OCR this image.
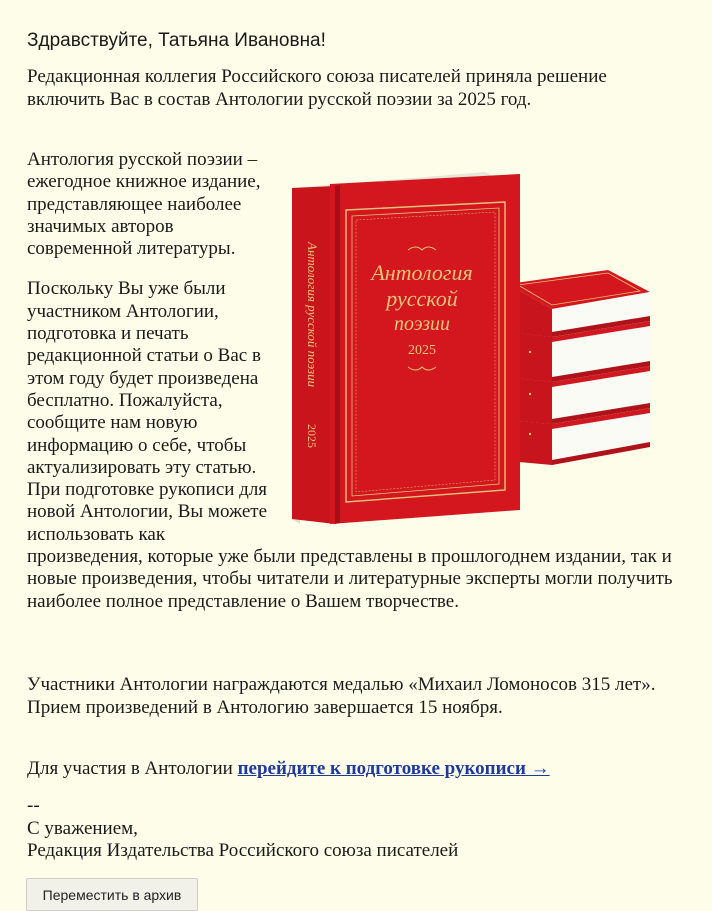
Здравствуйте, Татьяна Ивановна!
Редакционная коллегия Российского союза писателей приняла решение включить Вас в состав Антологии русской поэзии за 2025 год.

Антология русской поэзии – ежегодное книжное издание, представляющее наиболее значимых авторов современной литературы.

Поскольку Вы уже были участником Антологии, подготовка и печать редакционной статьи о Вас в этом году будет произведена бесплатно. Пожалуйста, сообщите нам новую информацию о себе, чтобы актуализировать эту статью. При подготовке рукописи для новой Антологии, Вы можете использовать как произведения, которые уже были представлены в прошлогоднем издании, так и новые произведения, чтобы читатели и литературные эксперты могли получить наиболее полное представление о Вашем творчестве.

Антология русской поэзии
2025
Антология
русской
поэзии
2025
Участники Антологии награждаются медалью «Михаил Ломоносов 315 лет». Прием произведений в Антологию завершается 15 ноября.
Для участия в Антологии перейдите к подготовке рукописи →
--
С уважением,
Редакция Издательства Российского союза писателей
Переместить в архив
